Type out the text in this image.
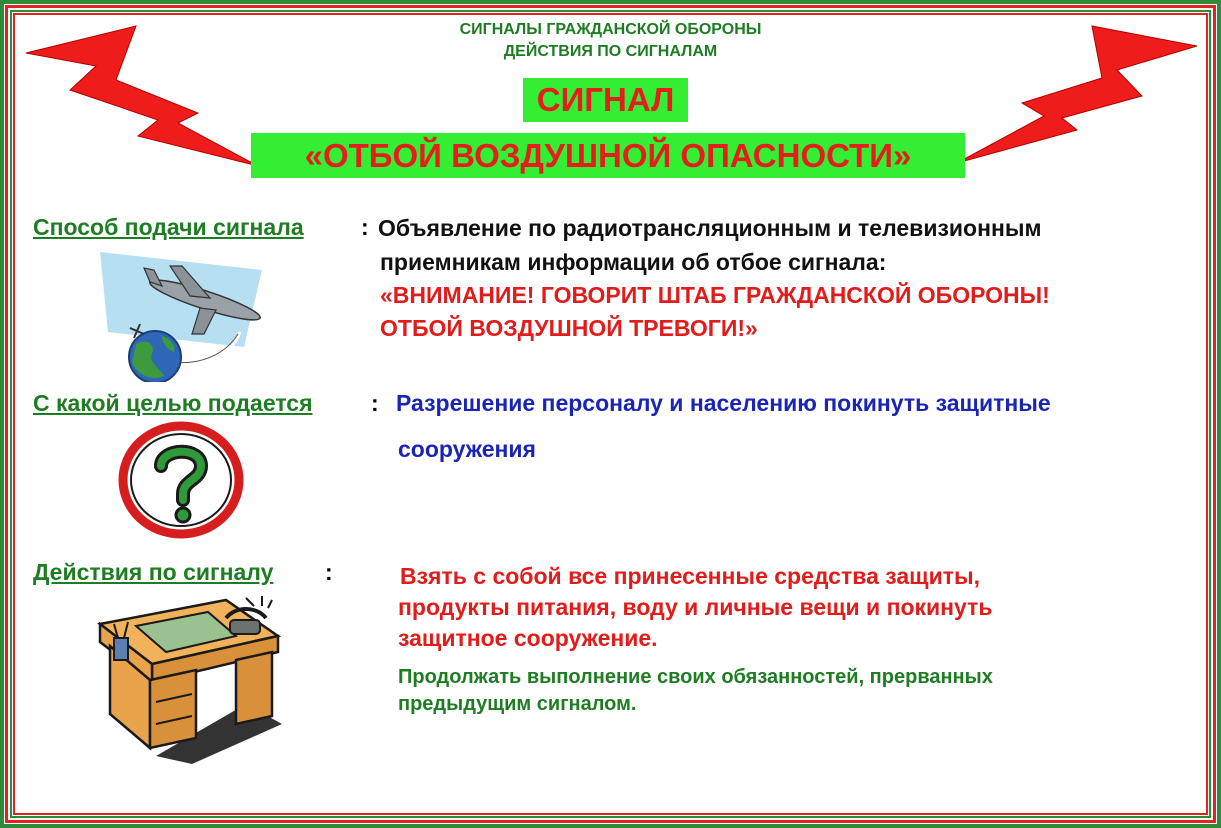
СИГНАЛЫ ГРАЖДАНСКОЙ ОБОРОНЫ
ДЕЙСТВИЯ ПО СИГНАЛАМ
СИГНАЛ
«ОТБОЙ ВОЗДУШНОЙ ОПАСНОСТИ»
Способ подачи сигнала : Объявление по радиотрансляционным и телевизионным
приемникам информации об отбое сигнала:
«ВНИМАНИЕ! ГОВОРИТ ШТАБ ГРАЖДАНСКОЙ ОБОРОНЫ!
ОТБОЙ ВОЗДУШНОЙ ТРЕВОГИ!»
С какой целью подается	: Разрешение персоналу и населению покинуть защитные
сооружения
Действия по сигналу :	Взять с собой все принесенные средства защиты,
продукты питания, воду и личные вещи и покинуть
защитное сооружение.
Продолжать выполнение своих обязанностей, прерванных
предыдущим сигналом.
